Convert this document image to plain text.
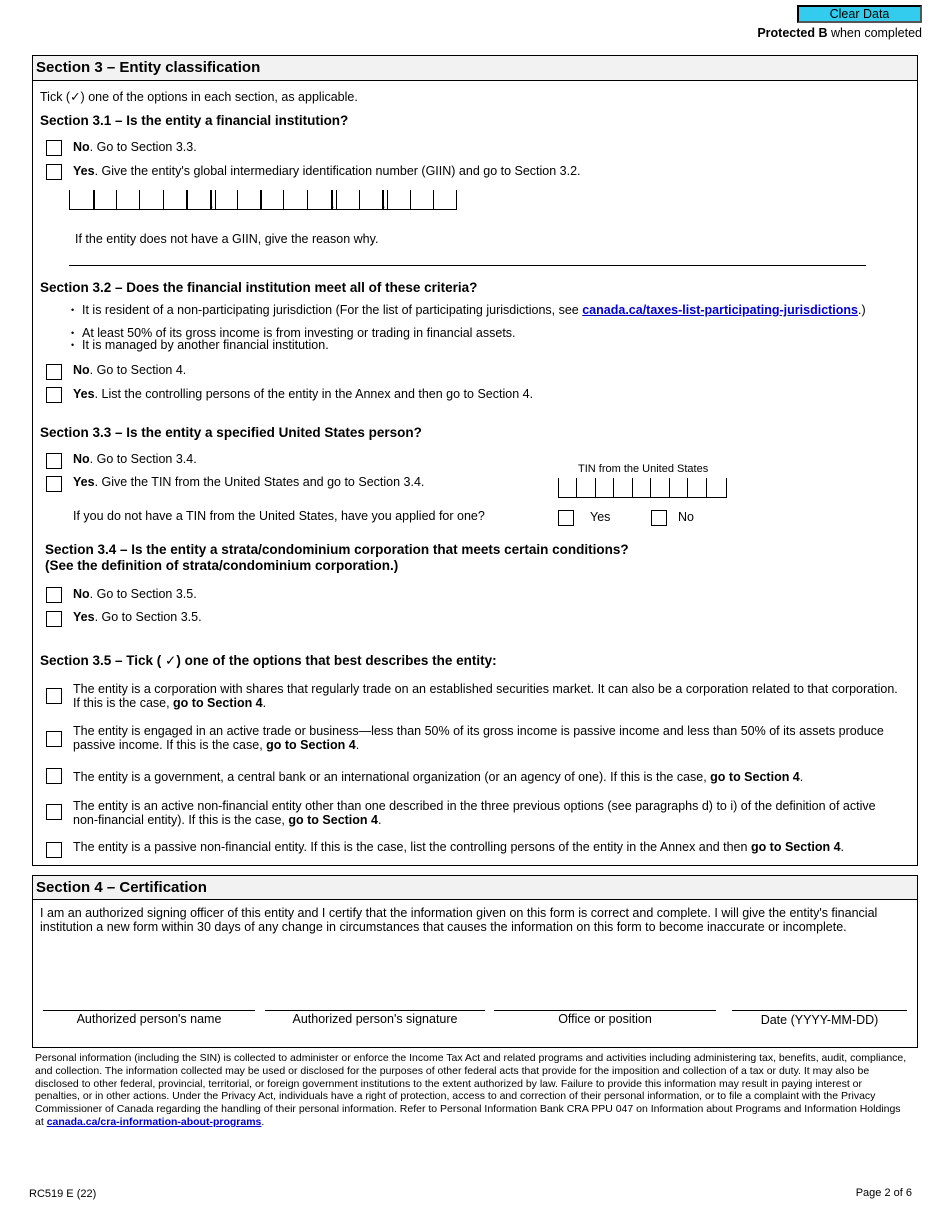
Clear Data
Protected B when completed
Section 3 – Entity classification
Tick (✓) one of the options in each section, as applicable.
Section 3.1 – Is the entity a financial institution?
No. Go to Section 3.3.
Yes. Give the entity's global intermediary identification number (GIIN) and go to Section 3.2.
.	.	.
If the entity does not have a GIIN, give the reason why.
Section 3.2 – Does the financial institution meet all of these criteria?
• It is resident of a non-participating jurisdiction (For the list of participating jurisdictions, see canada.ca/taxes-list-participating-jurisdictions.)
• At least 50% of its gross income is from investing or trading in financial assets.
• It is managed by another financial institution.
No. Go to Section 4.
Yes. List the controlling persons of the entity in the Annex and then go to Section 4.
Section 3.3 – Is the entity a specified United States person?
No. Go to Section 3.4.
Yes. Give the TIN from the United States and go to Section 3.4.
TIN from the United States
If you do not have a TIN from the United States, have you applied for one?	Yes	No
Section 3.4 – Is the entity a strata/condominium corporation that meets certain conditions?
(See the definition of strata/condominium corporation.)
No. Go to Section 3.5.
Yes. Go to Section 3.5.
Section 3.5 – Tick ( ✓) one of the options that best describes the entity:
The entity is a corporation with shares that regularly trade on an established securities market. It can also be a corporation related to that corporation. If this is the case, go to Section 4.
The entity is engaged in an active trade or business—less than 50% of its gross income is passive income and less than 50% of its assets produce passive income. If this is the case, go to Section 4.
The entity is a government, a central bank or an international organization (or an agency of one). If this is the case, go to Section 4.
The entity is an active non-financial entity other than one described in the three previous options (see paragraphs d) to i) of the definition of active non-financial entity). If this is the case, go to Section 4.
The entity is a passive non-financial entity. If this is the case, list the controlling persons of the entity in the Annex and then go to Section 4.
Section 4 – Certification
I am an authorized signing officer of this entity and I certify that the information given on this form is correct and complete. I will give the entity's financial institution a new form within 30 days of any change in circumstances that causes the information on this form to become inaccurate or incomplete.
Authorized person's name	Authorized person's signature	Office or position	Date (YYYY-MM-DD)
Personal information (including the SIN) is collected to administer or enforce the Income Tax Act and related programs and activities including administering tax, benefits, audit, compliance, and collection. The information collected may be used or disclosed for the purposes of other federal acts that provide for the imposition and collection of a tax or duty. It may also be disclosed to other federal, provincial, territorial, or foreign government institutions to the extent authorized by law. Failure to provide this information may result in paying interest or penalties, or in other actions. Under the Privacy Act, individuals have a right of protection, access to and correction of their personal information, or to file a complaint with the Privacy Commissioner of Canada regarding the handling of their personal information. Refer to Personal Information Bank CRA PPU 047 on Information about Programs and Information Holdings at canada.ca/cra-information-about-programs.
RC519 E (22)	Page 2 of 6
